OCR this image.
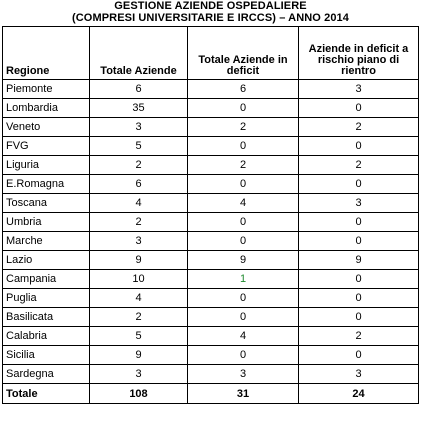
GESTIONE AZIENDE OSPEDALIERE
(COMPRESI UNIVERSITARIE E IRCCS) – ANNO 2014
Regione	Totale Aziende	Totale Aziende in deficit	Aziende in deficit a rischio piano di rientro
Piemonte	6	6	3
Lombardia	35	0	0
Veneto	3	2	2
FVG	5	0	0
Liguria	2	2	2
E.Romagna	6	0	0
Toscana	4	4	3
Umbria	2	0	0
Marche	3	0	0
Lazio	9	9	9
Campania	10	1	0
Puglia	4	0	0
Basilicata	2	0	0
Calabria	5	4	2
Sicilia	9	0	0
Sardegna	3	3	3
Totale	108	31	24
